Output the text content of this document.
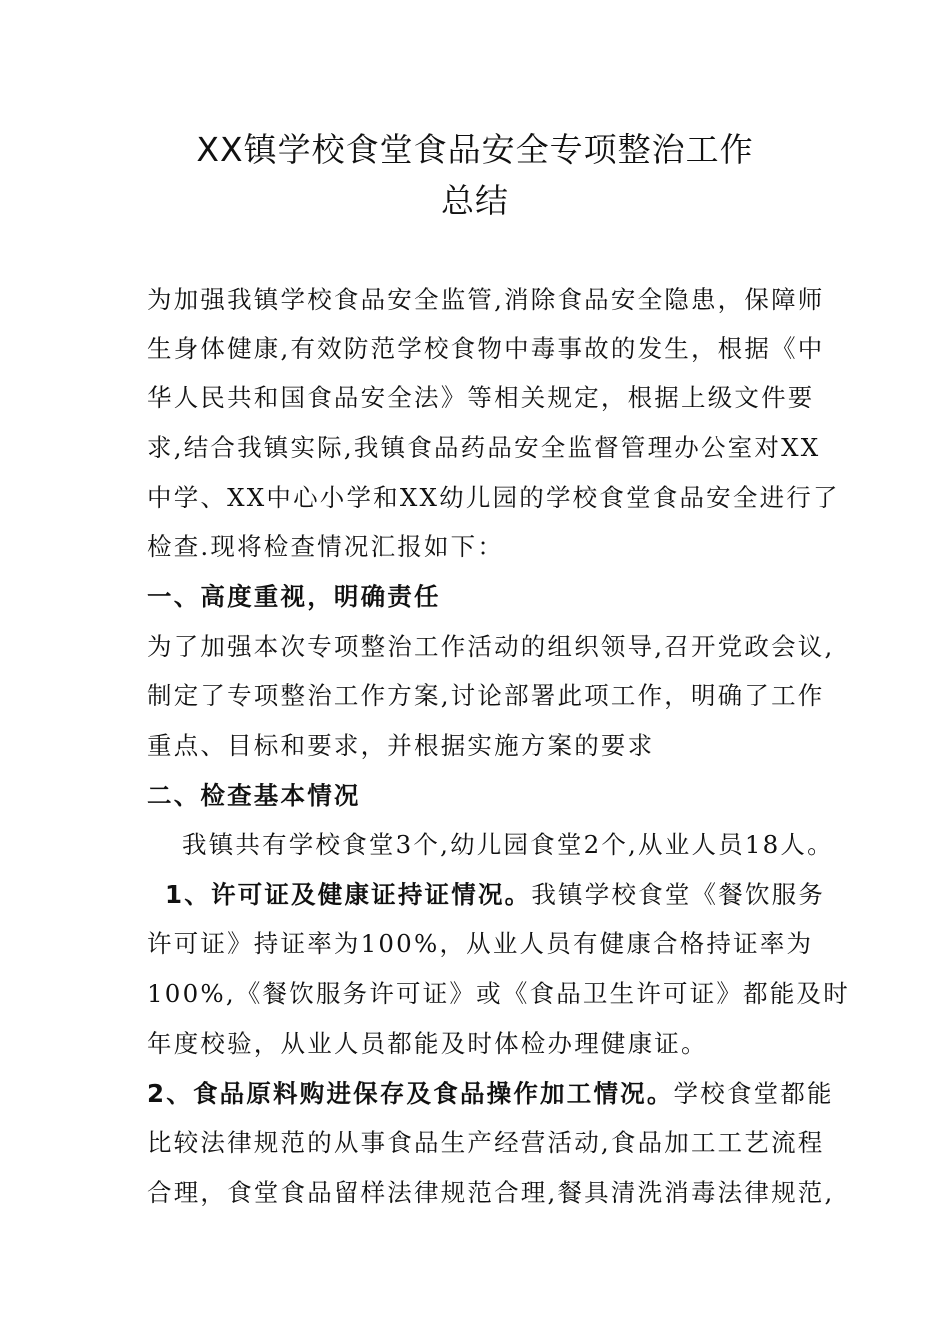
XX镇学校食堂食品安全专项整治工作
总结
为加强我镇学校食品安全监管,消除食品安全隐患，保障师
生身体健康,有效防范学校食物中毒事故的发生，根据《中
华人民共和国食品安全法》等相关规定，根据上级文件要
求,结合我镇实际,我镇食品药品安全监督管理办公室对XX
中学、XX中心小学和XX幼儿园的学校食堂食品安全进行了
检查.现将检查情况汇报如下：
一、高度重视，明确责任
为了加强本次专项整治工作活动的组织领导,召开党政会议,
制定了专项整治工作方案,讨论部署此项工作，明确了工作
重点、目标和要求，并根据实施方案的要求
二、检查基本情况
我镇共有学校食堂3个,幼儿园食堂2个,从业人员18人。
1、许可证及健康证持证情况。我镇学校食堂《餐饮服务
许可证》持证率为100%，从业人员有健康合格持证率为
100%,《餐饮服务许可证》或《食品卫生许可证》都能及时
年度校验，从业人员都能及时体检办理健康证。
2、食品原料购进保存及食品操作加工情况。学校食堂都能
比较法律规范的从事食品生产经营活动,食品加工工艺流程
合理，食堂食品留样法律规范合理,餐具清洗消毒法律规范,
